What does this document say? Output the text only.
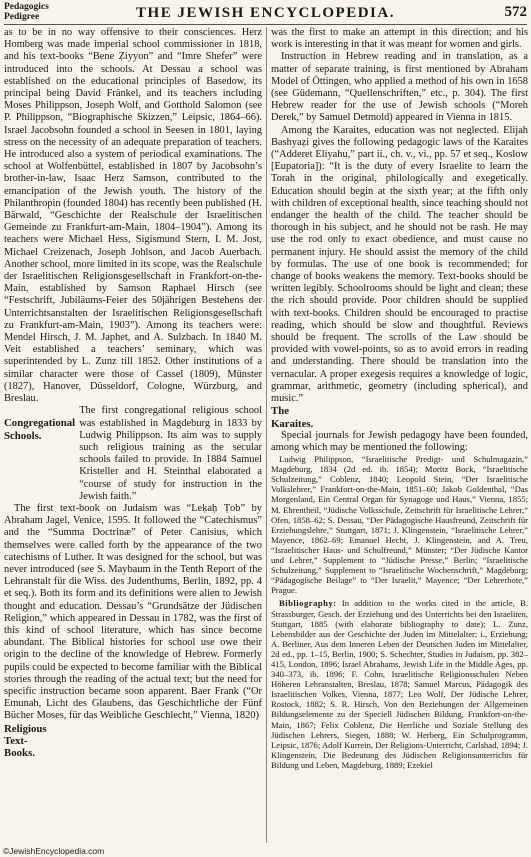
Pedagogics
Pedigree	THE JEWISH ENCYCLOPEDIA.	572

as to be in no way offensive to their consciences. Herz Homberg was made imperial school commissioner in 1818, and his text-books “Bene Ẓiyyon” and “Imre Shefer” were introduced into the schools. At Dessau a school was established on the educational principles of Basedow, its principal being David Fränkel, and its teachers including Moses Philippson, Joseph Wolf, and Gotthold Salomon (see P. Philippson, “Biographische Skizzen,” Leipsic, 1864–66). Israel Jacobsohn founded a school in Seesen in 1801, laying stress on the necessity of an adequate preparation of teachers. He introduced also a system of periodical examinations. The school at Wolfenbüttel, established in 1807 by Jacobsohn’s brother-in-law, Isaac Herz Samson, contributed to the emancipation of the Jewish youth. The history of the Philanthropin (founded 1804) has recently been published (H. Bärwald, “Geschichte der Realschule der Israelitischen Gemeinde zu Frankfurt-am-Main, 1804–1904”). Among its teachers were Michael Hess, Sigismund Stern, I. M. Jost, Michael Creizenach, Joseph Johlson, and Jacob Auerbach. Another school, more limited in its scope, was the Realschule der Israelitischen Religionsgesellschaft in Frankfort-on-the-Main, established by Samson Raphael Hirsch (see “Festschrift, Jubiläums-Feier des 50jährigen Bestehens der Unterrichtsanstalten der Israelitischen Religionsgesellschaft zu Frankfurt-am-Main, 1903”). Among its teachers were: Mendel Hirsch, J. M. Japhet, and A. Sulzbach. In 1840 M. Veit established a teachers’ seminary, which was superintended by L. Zunz till 1852. Other institutions of a similar character were those of Cassel (1809), Münster (1827), Hanover, Düsseldorf, Cologne, Würzburg, and Breslau.

Congregational Schools.

The first congregational religious school was established in Magdeburg in 1833 by Ludwig Philippson. Its aim was to supply such religious training as the secular schools failed to provide. In 1884 Samuel Kristeller and H. Steinthal elaborated a “course of study for instruction in the Jewish faith.”

The first text-book on Judaism was “Leḳaḥ Ṭob” by Abraham Jagel, Venice, 1595. It followed the “Catechismus” and the “Summa Doctrinæ” of Peter Canisius, which themselves were called forth by the appearance of the two catechisms of Luther. It was designed for the school, but was never introduced (see S. Maybaum in the Tenth Report of the Lehranstalt für die Wiss. des Judenthums, Berlin, 1892, pp. 4 et seq.). Both its form and its definitions were alien to Jewish thought and education. Dessau’s “Grundsätze der Jüdischen Religion,” which appeared in Dessau in 1782, was the first of this kind of school literature, which has since become abundant. The Biblical histories for school use owe their origin to the decline of the knowledge of Hebrew. Formerly pupils could be expected to become familiar with the Biblical stories through the reading of the actual text; but the need for specific instruction became soon apparent. Baer Frank (“Or Emunah, Licht des Glaubens, das Geschichtliche der Fünf Bücher Moses, für das Weibliche Geschlecht,” Vienna, 1820)

Religious Text-Books.

was the first to make an attempt in this direction; and his work is interesting in that it was meant for women and girls.

Instruction in Hebrew reading and in translation, as a matter of separate training, is first mentioned by Abraham Model of Öttingen, who applied a method of his own in 1658 (see Güdemann, “Quellenschriften,” etc., p. 304). The first Hebrew reader for the use of Jewish schools (“Moreh Derek,” by Samuel Detmold) appeared in Vienna in 1815.

Among the Karaites, education was not neglected. Elijah Bashyaẓi gives the following pedagogic laws of the Karaites (“Adderet Eliyahu,” part ii., ch. v., vi., pp. 57 et seq., Koslow [Eupatoria]): “It is the duty of every Israelite to learn the Torah in the original, philologically and exegetically. Education should begin at the sixth year; at the fifth only with children of exceptional health, since teaching should not endanger the health of the child. The teacher should be thorough in his subject, and he should not be rash. He may use the rod only to exact obedience, and must cause no permanent injury. He should assist the memory of the child by formulas. The use of one book is recommended; for change of books weakens the memory. Text-books should be written legibly. Schoolrooms should be light and clean; these the rich should provide. Poor children should be supplied with text-books. Children should be encouraged to practise reading, which should be slow and thoughtful. Reviews should be frequent. The scrolls of the Law should be provided with vowel-points, so as to avoid errors in reading and understanding. There should be translation into the vernacular. A proper exegesis requires a knowledge of logic, grammar, arithmetic, geometry (including spherical), and music.”

The Karaites.

Special journals for Jewish pedagogy have been founded, among which may be mentioned the following:

Ludwig Philippson, “Israelitische Predigt- und Schulmagazin,” Magdeburg, 1834 (2d ed. ib. 1854); Moritz Bock, “Israelitische Schulzeitung,” Coblenz, 1840; Leopold Stein, “Der Israelitische Volkslehrer,” Frankfort-on-the-Main, 1851–60; Jakob Goldenthal, “Das Morgenland, Ein Central Organ für Synagoge und Haus,” Vienna, 1855; M. Ehrentheil, “Jüdische Volksschule, Zeitschrift für Israelitische Lehrer,” Ofen, 1858–62; S. Dessau, “Der Pädagogische Hausfreund, Zeitschrift für Erziehungslehre,” Stuttgart, 1871; J. Klingenstein, “Israelitische Lehrer,” Mayence, 1862–69; Emanuel Hecht, J. Klingenstein, and A. Treu, “Israelitischer Haus- und Schulfreund,” Münster; “Der Jüdische Kantor und Lehrer,” Supplement to “Jüdische Presse,” Berlin; “Israelitische Schulzeitung,” Supplement to “Israelitische Wochenschrift,” Magdeburg; “Pädagogische Beilage” to “Der Israelit,” Mayence; “Der Lehrerbote,” Prague.

Bibliography: In addition to the works cited in the article, B. Strassburger, Gesch. der Erziehung und des Unterrichts bei den Israeliten, Stuttgart, 1885 (with elaborate bibliography to date); L. Zunz, Lebensbilder aus der Geschichte der Juden im Mittelalter; i., Erziehung; A. Berliner, Aus dem Inneren Leben der Deutschen Juden im Mittelalter, 2d ed., pp. 1–15, Berlin, 1900; S. Schechter, Studies in Judaism, pp. 382–415, London, 1896; Israel Abrahams, Jewish Life in the Middle Ages, pp. 340–373, ib. 1896; F. Cohn, Israelitische Religionsschulen Neben Höheren Lehranstalten, Breslau, 1878; Samuel Marcus, Pädagogik des Israelitischen Volkes, Vienna, 1877; Leo Wolf, Der Jüdische Lehrer, Rostock, 1882; S. R. Hirsch, Von den Beziehungen der Allgemeinen Bildungselemente zu der Speciell Jüdischen Bildung, Frankfort-on-the-Main, 1867; Felix Coblenz, Die Herrliche und Soziale Stellung des Jüdischen Lehrers, Siegen, 1888; W. Herberg, Ein Schulprogramm, Leipsic, 1876; Adolf Kurrein, Der Religions-Unterricht, Carlsbad, 1894; J. Klingenstein, Die Bedeutung des Jüdischen Religionsunterrichts für Bildung und Leben, Magdeburg, 1889; Ezekiel

©JewishEncyclopedia.com
